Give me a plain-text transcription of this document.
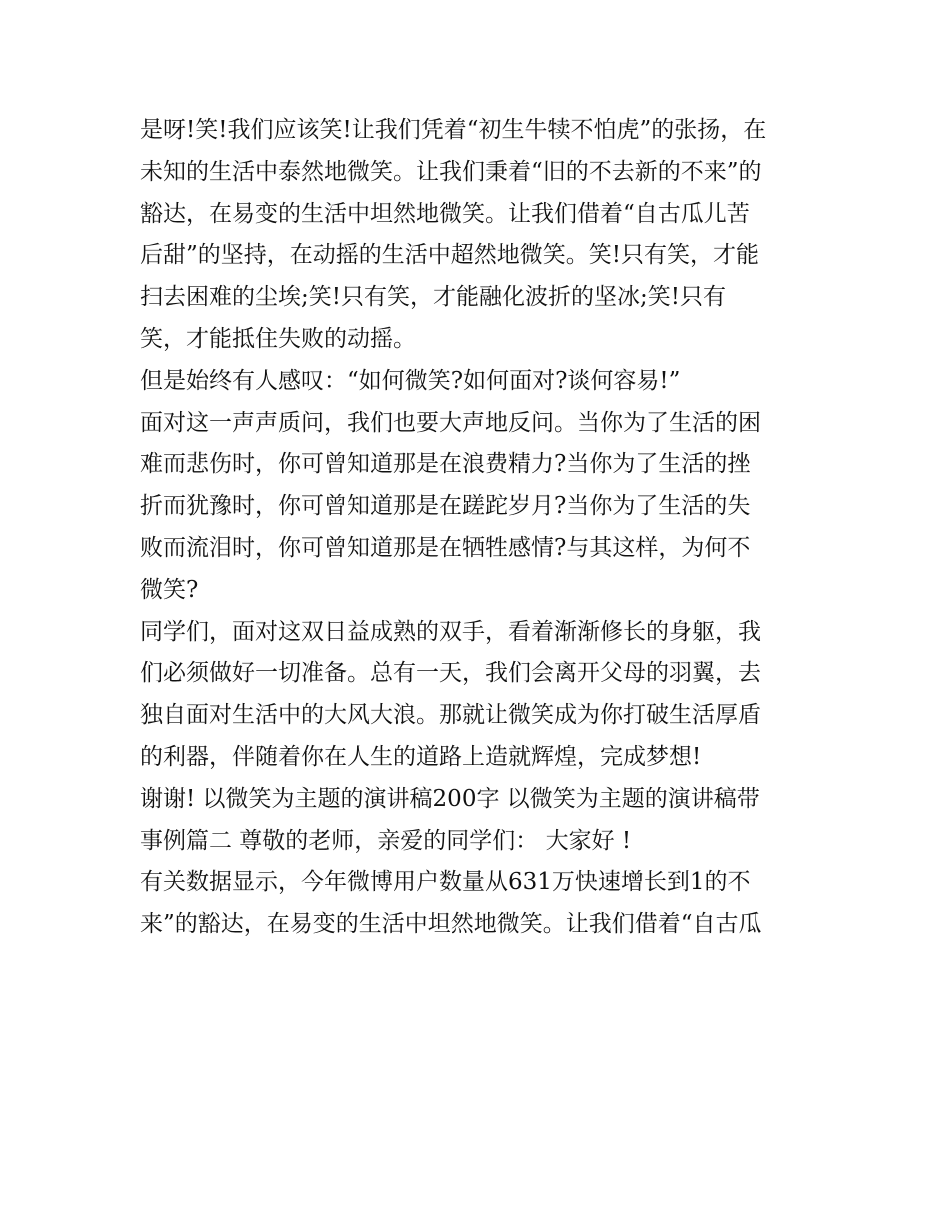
是呀!笑!我们应该笑!让我们凭着“初生牛犊不怕虎”的张扬，在
未知的生活中泰然地微笑。让我们秉着“旧的不去新的不来”的
豁达，在易变的生活中坦然地微笑。让我们借着“自古瓜儿苦
后甜”的坚持，在动摇的生活中超然地微笑。笑!只有笑，才能
扫去困难的尘埃;笑!只有笑，才能融化波折的坚冰;笑!只有
笑，才能抵住失败的动摇。
但是始终有人感叹：“如何微笑?如何面对?谈何容易!”
面对这一声声质问，我们也要大声地反问。当你为了生活的困
难而悲伤时，你可曾知道那是在浪费精力?当你为了生活的挫
折而犹豫时，你可曾知道那是在蹉跎岁月?当你为了生活的失
败而流泪时，你可曾知道那是在牺牲感情?与其这样，为何不
微笑?
同学们，面对这双日益成熟的双手，看着渐渐修长的身躯，我
们必须做好一切准备。总有一天，我们会离开父母的羽翼，去
独自面对生活中的大风大浪。那就让微笑成为你打破生活厚盾
的利器，伴随着你在人生的道路上造就辉煌，完成梦想!
谢谢! 以微笑为主题的演讲稿200字 以微笑为主题的演讲稿带
事例篇二 尊敬的老师，亲爱的同学们： 大家好 !
有关数据显示，今年微博用户数量从631万快速增长到1的不
来”的豁达，在易变的生活中坦然地微笑。让我们借着“自古瓜
